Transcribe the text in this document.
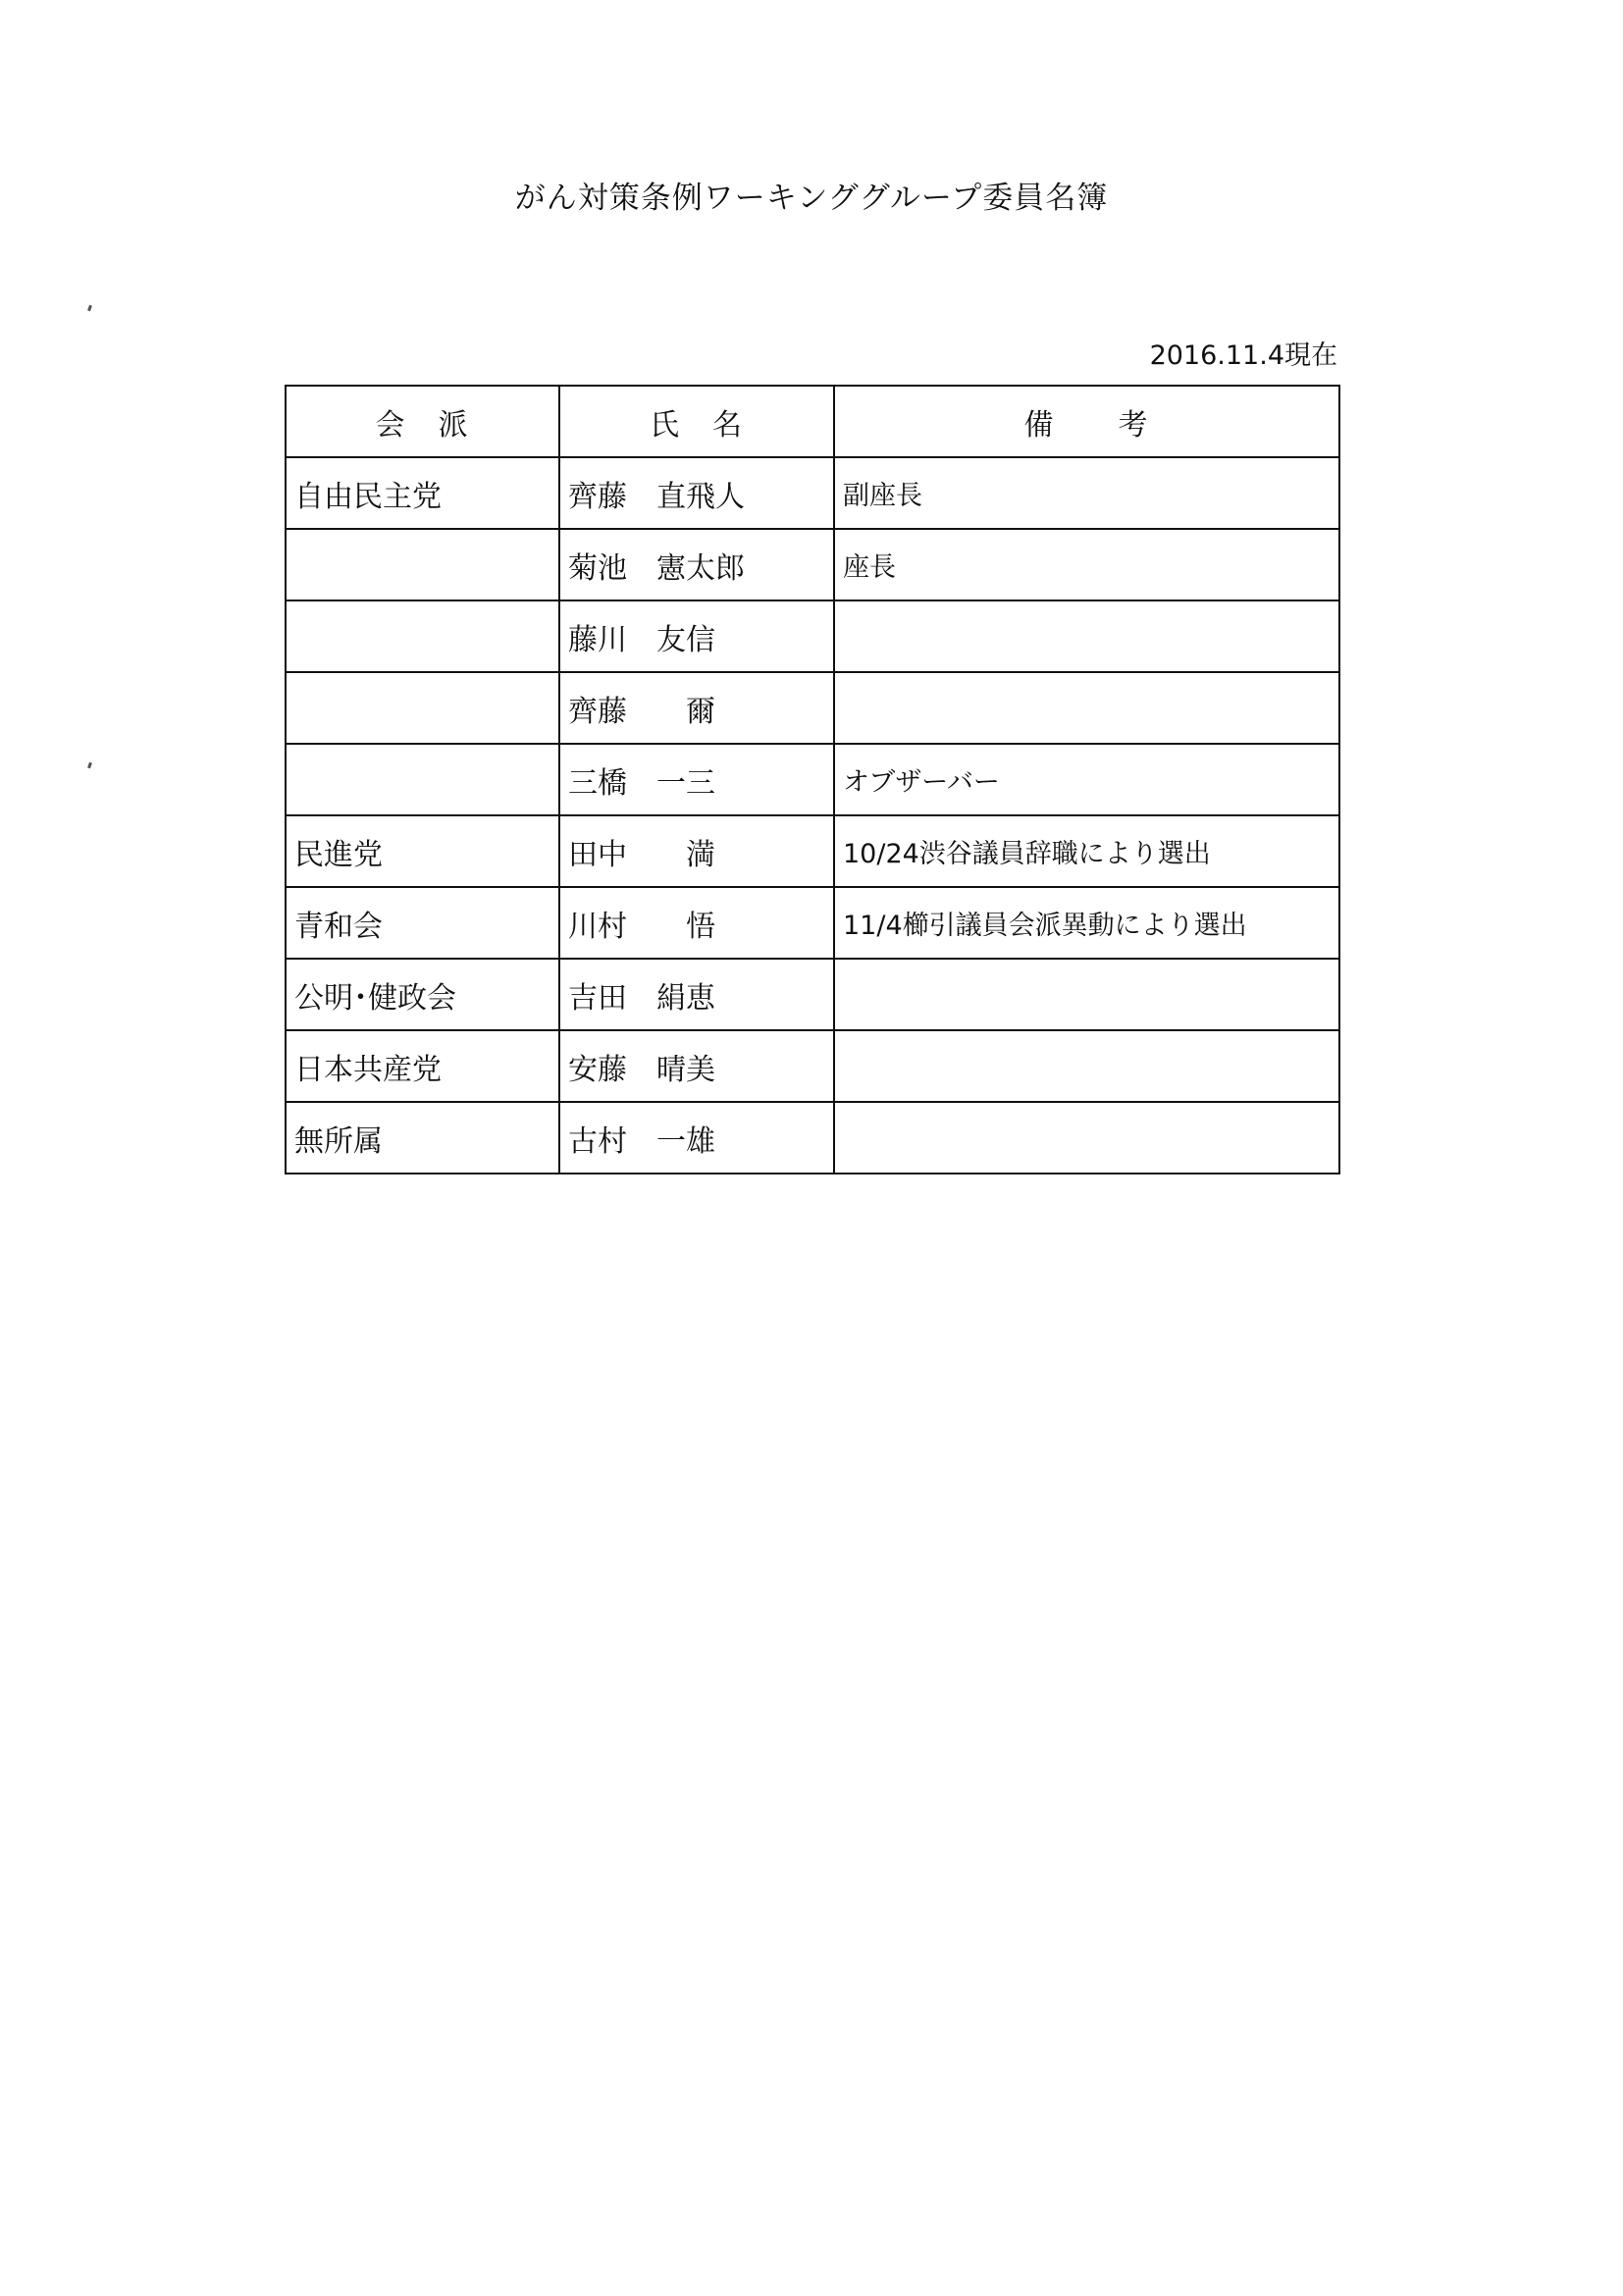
がん対策条例ワーキンググループ委員名簿
2016.11.4現在
会　派	氏　名	備　　考
自由民主党	齊藤　直飛人	副座長
	菊池　憲太郎	座長
	藤川　友信	
	齊藤　　爾	
	三橋　一三	オブザーバー
民進党	田中　　満	10/24渋谷議員辞職により選出
青和会	川村　　悟	11/4櫛引議員会派異動により選出
公明･健政会	吉田　絹恵	
日本共産党	安藤　晴美	
無所属	古村　一雄	
